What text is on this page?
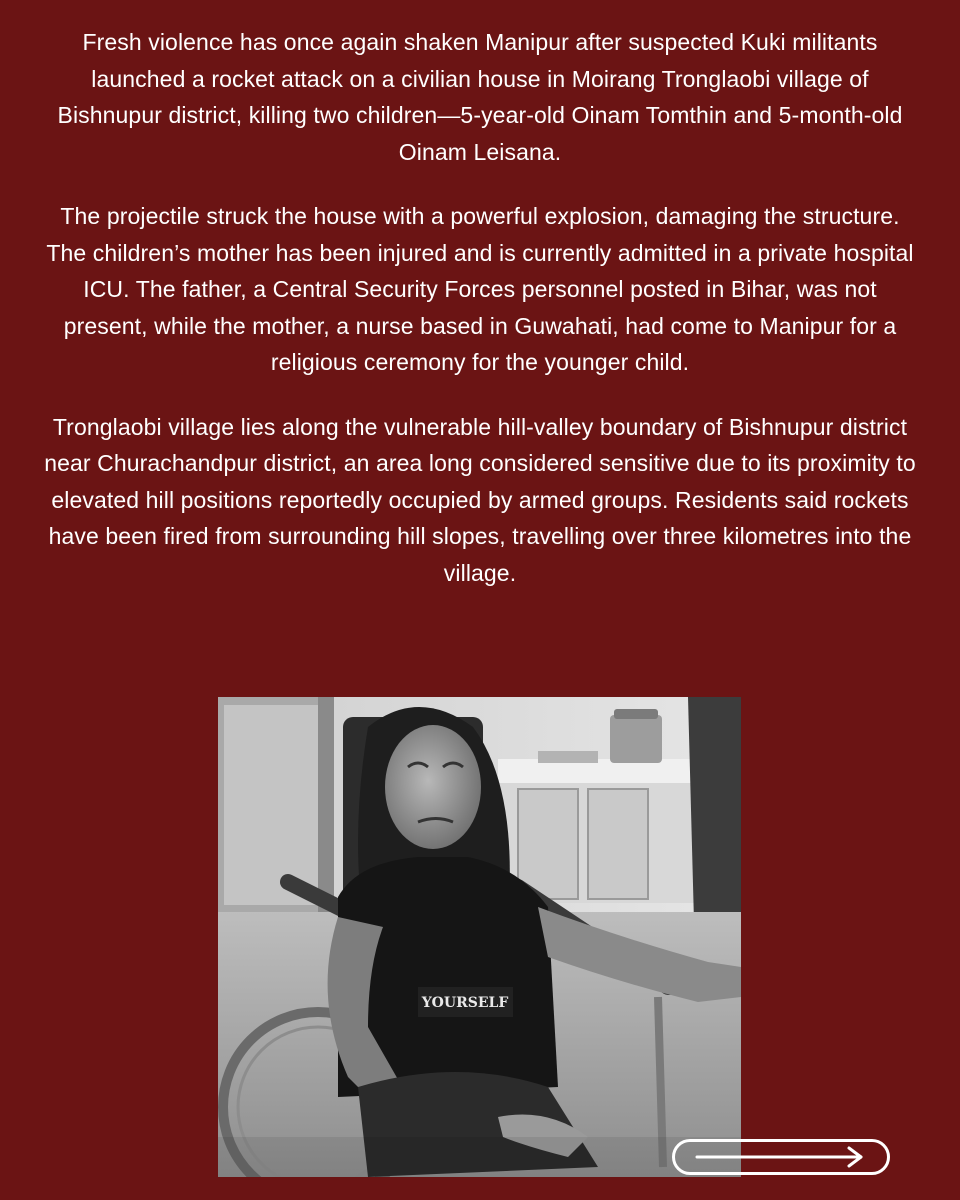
Fresh violence has once again shaken Manipur after suspected Kuki militants launched a rocket attack on a civilian house in Moirang Tronglaobi village of Bishnupur district, killing two children—5-year-old Oinam Tomthin and 5-month-old Oinam Leisana.

The projectile struck the house with a powerful explosion, damaging the structure. The children’s mother has been injured and is currently admitted in a private hospital ICU. The father, a Central Security Forces personnel posted in Bihar, was not present, while the mother, a nurse based in Guwahati, had come to Manipur for a religious ceremony for the younger child.

Tronglaobi village lies along the vulnerable hill-valley boundary of Bishnupur district near Churachandpur district, an area long considered sensitive due to its proximity to elevated hill positions reportedly occupied by armed groups. Residents said rockets have been fired from surrounding hill slopes, travelling over three kilometres into the village.

YOURSELF
